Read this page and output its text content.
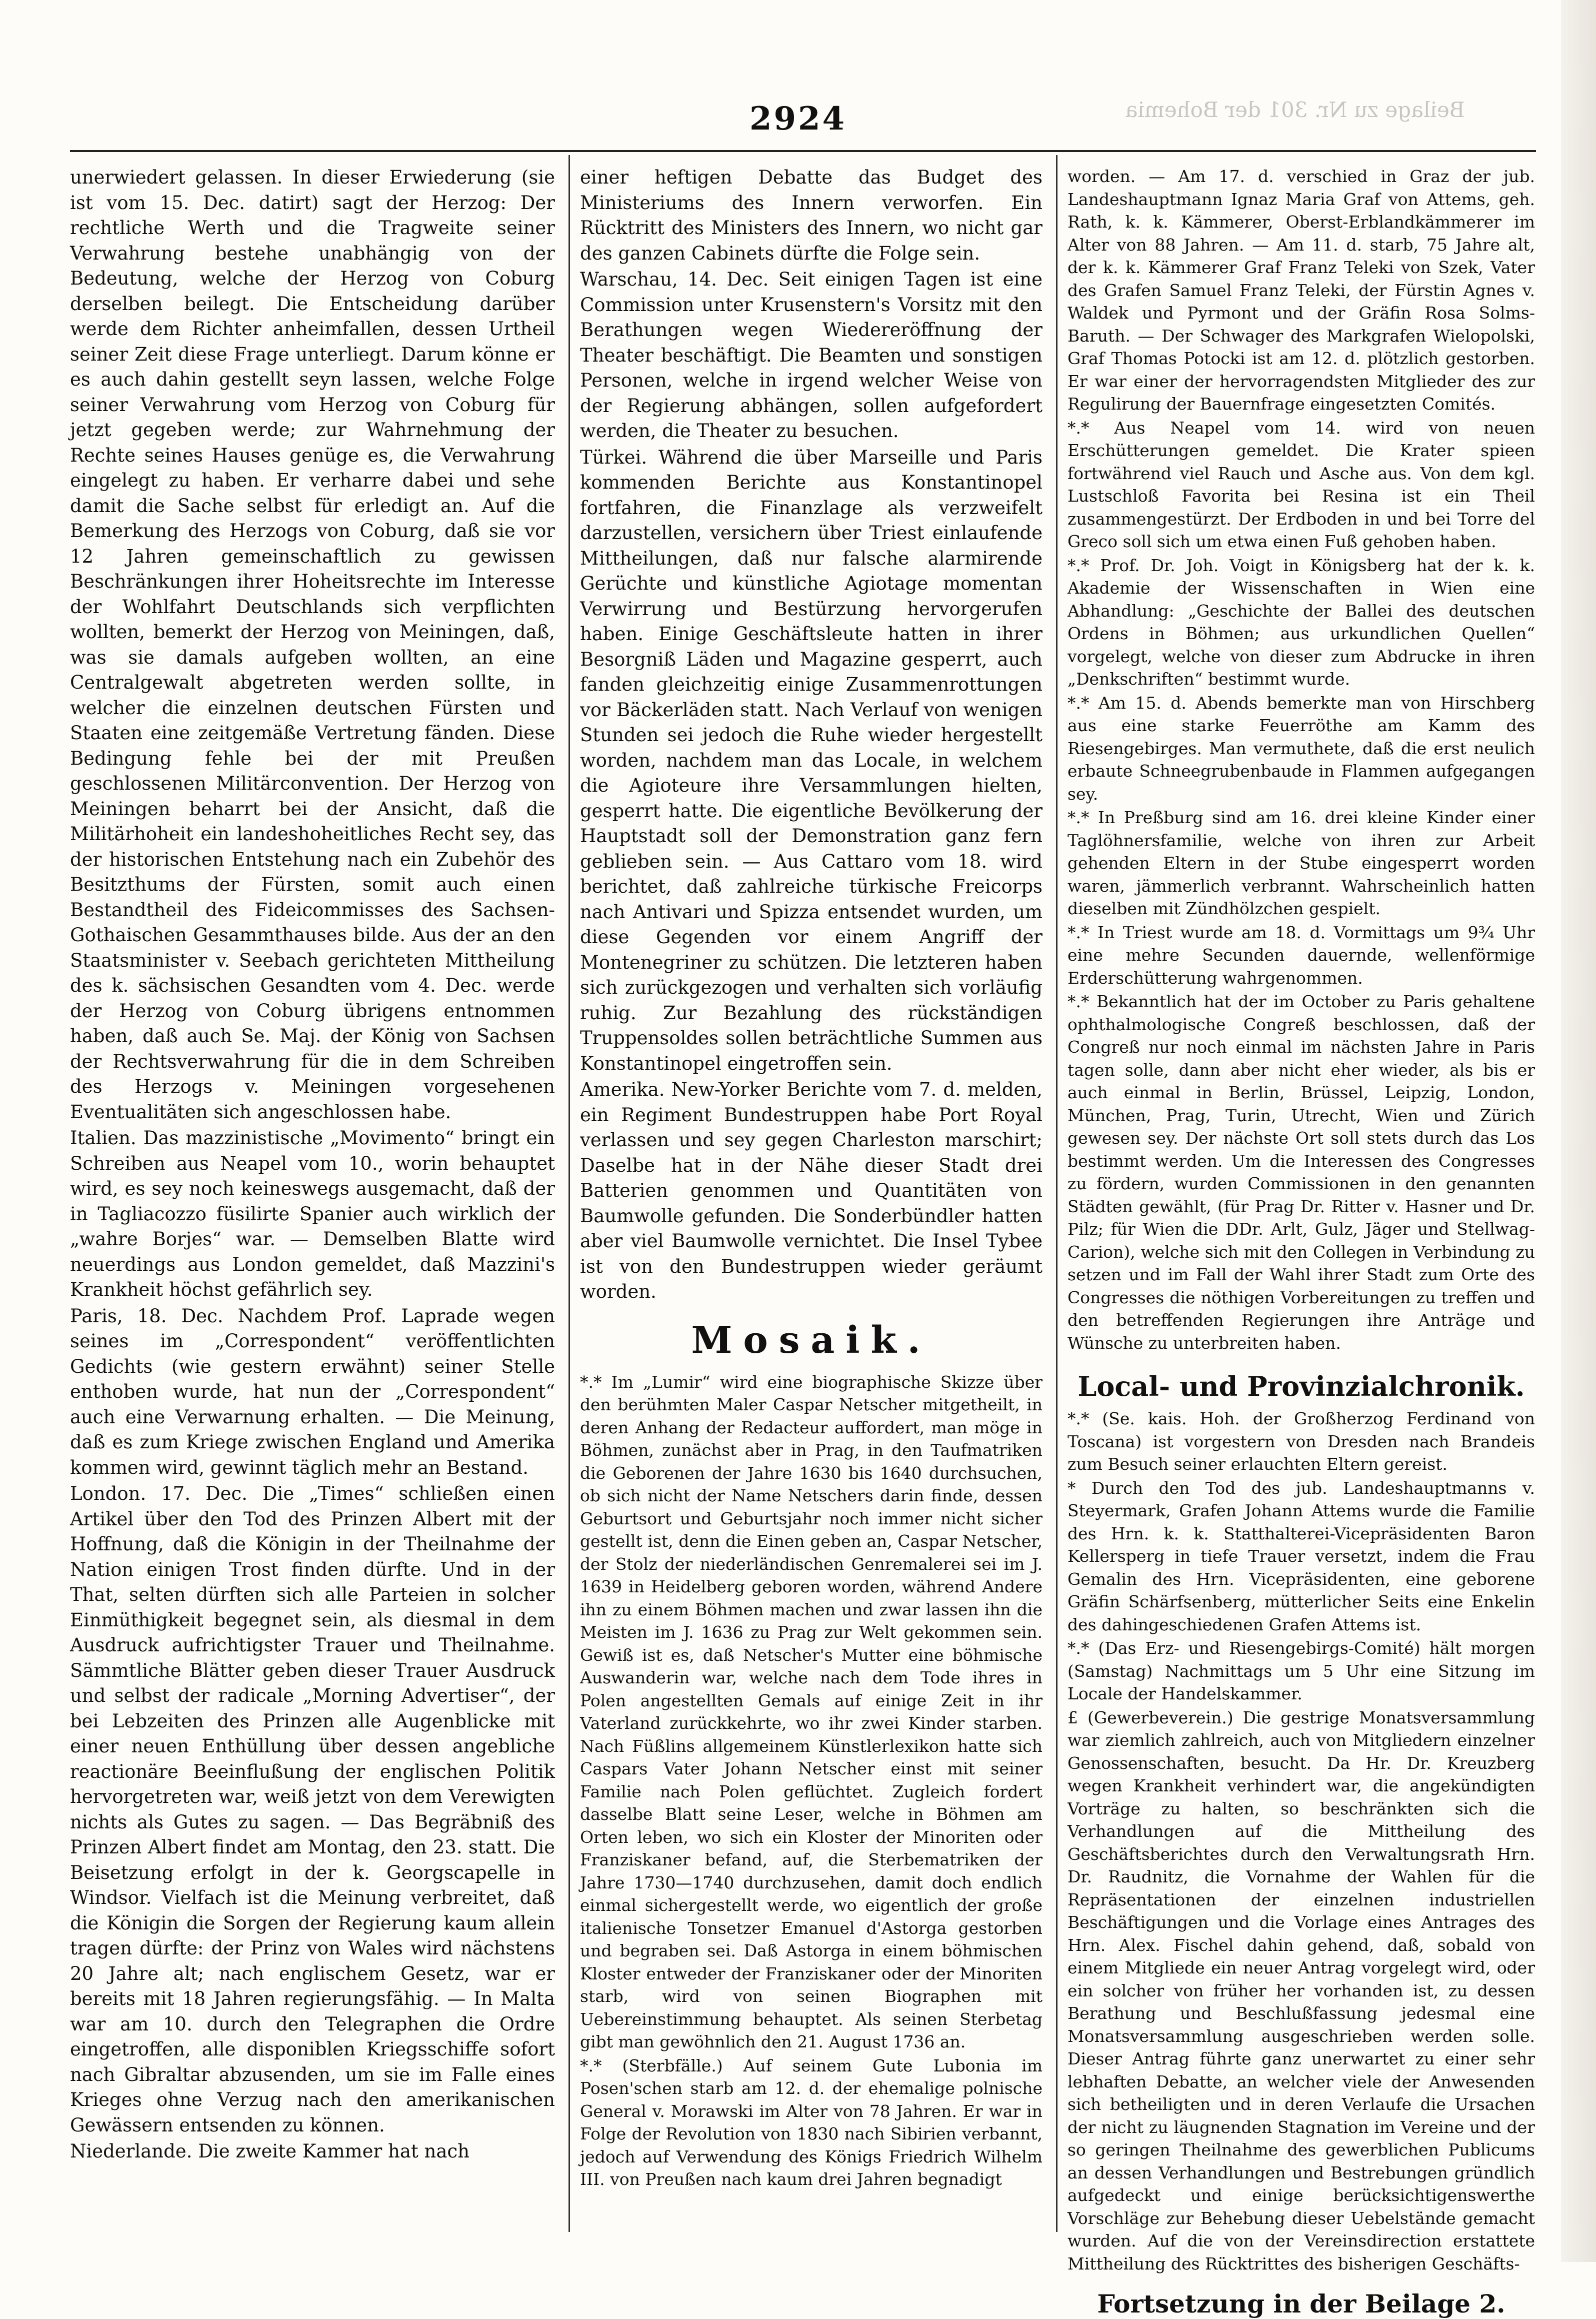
Beilage zu Nr. 301 der Bohemia
2924

unerwiedert gelassen. In dieser Erwiederung (sie ist vom 15. Dec. datirt) sagt der Herzog: Der rechtliche Werth und die Tragweite seiner Verwahrung bestehe unabhängig von der Bedeutung, welche der Herzog von Coburg derselben beilegt. Die Entscheidung darüber werde dem Richter anheimfallen, dessen Urtheil seiner Zeit diese Frage unterliegt. Darum könne er es auch dahin gestellt seyn lassen, welche Folge seiner Verwahrung vom Herzog von Coburg für jetzt gegeben werde; zur Wahrnehmung der Rechte seines Hauses genüge es, die Verwahrung eingelegt zu haben. Er verharre dabei und sehe damit die Sache selbst für erledigt an. Auf die Bemerkung des Herzogs von Coburg, daß sie vor 12 Jahren gemeinschaftlich zu gewissen Beschränkungen ihrer Hoheitsrechte im Interesse der Wohlfahrt Deutschlands sich verpflichten wollten, bemerkt der Herzog von Meiningen, daß, was sie damals aufgeben wollten, an eine Centralgewalt abgetreten werden sollte, in welcher die einzelnen deutschen Fürsten und Staaten eine zeitgemäße Vertretung fänden. Diese Bedingung fehle bei der mit Preußen geschlossenen Militärconvention. Der Herzog von Meiningen beharrt bei der Ansicht, daß die Militärhoheit ein landeshoheitliches Recht sey, das der historischen Entstehung nach ein Zubehör des Besitzthums der Fürsten, somit auch einen Bestandtheil des Fideicommisses des Sachsen-Gothaischen Gesammthauses bilde. Aus der an den Staatsminister v. Seebach gerichteten Mittheilung des k. sächsischen Gesandten vom 4. Dec. werde der Herzog von Coburg übrigens entnommen haben, daß auch Se. Maj. der König von Sachsen der Rechtsverwahrung für die in dem Schreiben des Herzogs v. Meiningen vorgesehenen Eventualitäten sich angeschlossen habe.

Italien. Das mazzinistische „Movimento“ bringt ein Schreiben aus Neapel vom 10., worin behauptet wird, es sey noch keineswegs ausgemacht, daß der in Tagliacozzo füsilirte Spanier auch wirklich der „wahre Borjes“ war. — Demselben Blatte wird neuerdings aus London gemeldet, daß Mazzini's Krankheit höchst gefährlich sey.

Paris, 18. Dec. Nachdem Prof. Laprade wegen seines im „Correspondent“ veröffentlichten Gedichts (wie gestern erwähnt) seiner Stelle enthoben wurde, hat nun der „Correspondent“ auch eine Verwarnung erhalten. — Die Meinung, daß es zum Kriege zwischen England und Amerika kommen wird, gewinnt täglich mehr an Bestand.

London. 17. Dec. Die „Times“ schließen einen Artikel über den Tod des Prinzen Albert mit der Hoffnung, daß die Königin in der Theilnahme der Nation einigen Trost finden dürfte. Und in der That, selten dürften sich alle Parteien in solcher Einmüthigkeit begegnet sein, als diesmal in dem Ausdruck aufrichtigster Trauer und Theilnahme. Sämmtliche Blätter geben dieser Trauer Ausdruck und selbst der radicale „Morning Advertiser“, der bei Lebzeiten des Prinzen alle Augenblicke mit einer neuen Enthüllung über dessen angebliche reactionäre Beeinflußung der englischen Politik hervorgetreten war, weiß jetzt von dem Verewigten nichts als Gutes zu sagen. — Das Begräbniß des Prinzen Albert findet am Montag, den 23. statt. Die Beisetzung erfolgt in der k. Georgscapelle in Windsor. Vielfach ist die Meinung verbreitet, daß die Königin die Sorgen der Regierung kaum allein tragen dürfte: der Prinz von Wales wird nächstens 20 Jahre alt; nach englischem Gesetz, war er bereits mit 18 Jahren regierungsfähig. — In Malta war am 10. durch den Telegraphen die Ordre eingetroffen, alle disponiblen Kriegsschiffe sofort nach Gibraltar abzusenden, um sie im Falle eines Krieges ohne Verzug nach den amerikanischen Gewässern entsenden zu können.

Niederlande. Die zweite Kammer hat nach

einer heftigen Debatte das Budget des Ministeriums des Innern verworfen. Ein Rücktritt des Ministers des Innern, wo nicht gar des ganzen Cabinets dürfte die Folge sein.

Warschau, 14. Dec. Seit einigen Tagen ist eine Commission unter Krusenstern's Vorsitz mit den Berathungen wegen Wiedereröffnung der Theater beschäftigt. Die Beamten und sonstigen Personen, welche in irgend welcher Weise von der Regierung abhängen, sollen aufgefordert werden, die Theater zu besuchen.

Türkei. Während die über Marseille und Paris kommenden Berichte aus Konstantinopel fortfahren, die Finanzlage als verzweifelt darzustellen, versichern über Triest einlaufende Mittheilungen, daß nur falsche alarmirende Gerüchte und künstliche Agiotage momentan Verwirrung und Bestürzung hervorgerufen haben. Einige Geschäftsleute hatten in ihrer Besorgniß Läden und Magazine gesperrt, auch fanden gleichzeitig einige Zusammenrottungen vor Bäckerläden statt. Nach Verlauf von wenigen Stunden sei jedoch die Ruhe wieder hergestellt worden, nachdem man das Locale, in welchem die Agioteure ihre Versammlungen hielten, gesperrt hatte. Die eigentliche Bevölkerung der Hauptstadt soll der Demonstration ganz fern geblieben sein. — Aus Cattaro vom 18. wird berichtet, daß zahlreiche türkische Freicorps nach Antivari und Spizza entsendet wurden, um diese Gegenden vor einem Angriff der Montenegriner zu schützen. Die letzteren haben sich zurückgezogen und verhalten sich vorläufig ruhig. Zur Bezahlung des rückständigen Truppensoldes sollen beträchtliche Summen aus Konstantinopel eingetroffen sein.

Amerika. New-Yorker Berichte vom 7. d. melden, ein Regiment Bundestruppen habe Port Royal verlassen und sey gegen Charleston marschirt; Daselbe hat in der Nähe dieser Stadt drei Batterien genommen und Quantitäten von Baumwolle gefunden. Die Sonderbündler hatten aber viel Baumwolle vernichtet. Die Insel Tybee ist von den Bundestruppen wieder geräumt worden.

Mosaik.

*.* Im „Lumir“ wird eine biographische Skizze über den berühmten Maler Caspar Netscher mitgetheilt, in deren Anhang der Redacteur auffordert, man möge in Böhmen, zunächst aber in Prag, in den Taufmatriken die Geborenen der Jahre 1630 bis 1640 durchsuchen, ob sich nicht der Name Netschers darin finde, dessen Geburtsort und Geburtsjahr noch immer nicht sicher gestellt ist, denn die Einen geben an, Caspar Netscher, der Stolz der niederländischen Genremalerei sei im J. 1639 in Heidelberg geboren worden, während Andere ihn zu einem Böhmen machen und zwar lassen ihn die Meisten im J. 1636 zu Prag zur Welt gekommen sein. Gewiß ist es, daß Netscher's Mutter eine böhmische Auswanderin war, welche nach dem Tode ihres in Polen angestellten Gemals auf einige Zeit in ihr Vaterland zurückkehrte, wo ihr zwei Kinder starben. Nach Füßlins allgemeinem Künstlerlexikon hatte sich Caspars Vater Johann Netscher einst mit seiner Familie nach Polen geflüchtet. Zugleich fordert dasselbe Blatt seine Leser, welche in Böhmen am Orten leben, wo sich ein Kloster der Minoriten oder Franziskaner befand, auf, die Sterbematriken der Jahre 1730—1740 durchzusehen, damit doch endlich einmal sichergestellt werde, wo eigentlich der große italienische Tonsetzer Emanuel d'Astorga gestorben und begraben sei. Daß Astorga in einem böhmischen Kloster entweder der Franziskaner oder der Minoriten starb, wird von seinen Biographen mit Uebereinstimmung behauptet. Als seinen Sterbetag gibt man gewöhnlich den 21. August 1736 an.

*.* (Sterbfälle.) Auf seinem Gute Lubonia im Posen'schen starb am 12. d. der ehemalige polnische General v. Morawski im Alter von 78 Jahren. Er war in Folge der Revolution von 1830 nach Sibirien verbannt, jedoch auf Verwendung des Königs Friedrich Wilhelm III. von Preußen nach kaum drei Jahren begnadigt

worden. — Am 17. d. verschied in Graz der jub. Landeshauptmann Ignaz Maria Graf von Attems, geh. Rath, k. k. Kämmerer, Oberst-Erblandkämmerer im Alter von 88 Jahren. — Am 11. d. starb, 75 Jahre alt, der k. k. Kämmerer Graf Franz Teleki von Szek, Vater des Grafen Samuel Franz Teleki, der Fürstin Agnes v. Waldek und Pyrmont und der Gräfin Rosa Solms-Baruth. — Der Schwager des Markgrafen Wielopolski, Graf Thomas Potocki ist am 12. d. plötzlich gestorben. Er war einer der hervorragendsten Mitglieder des zur Regulirung der Bauernfrage eingesetzten Comités.

*.* Aus Neapel vom 14. wird von neuen Erschütterungen gemeldet. Die Krater spieen fortwährend viel Rauch und Asche aus. Von dem kgl. Lustschloß Favorita bei Resina ist ein Theil zusammengestürzt. Der Erdboden in und bei Torre del Greco soll sich um etwa einen Fuß gehoben haben.

*.* Prof. Dr. Joh. Voigt in Königsberg hat der k. k. Akademie der Wissenschaften in Wien eine Abhandlung: „Geschichte der Ballei des deutschen Ordens in Böhmen; aus urkundlichen Quellen“ vorgelegt, welche von dieser zum Abdrucke in ihren „Denkschriften“ bestimmt wurde.

*.* Am 15. d. Abends bemerkte man von Hirschberg aus eine starke Feuerröthe am Kamm des Riesengebirges. Man vermuthete, daß die erst neulich erbaute Schneegrubenbaude in Flammen aufgegangen sey.

*.* In Preßburg sind am 16. drei kleine Kinder einer Taglöhnersfamilie, welche von ihren zur Arbeit gehenden Eltern in der Stube eingesperrt worden waren, jämmerlich verbrannt. Wahrscheinlich hatten dieselben mit Zündhölzchen gespielt.

*.* In Triest wurde am 18. d. Vormittags um 9¾ Uhr eine mehre Secunden dauernde, wellenförmige Erderschütterung wahrgenommen.

*.* Bekanntlich hat der im October zu Paris gehaltene ophthalmologische Congreß beschlossen, daß der Congreß nur noch einmal im nächsten Jahre in Paris tagen solle, dann aber nicht eher wieder, als bis er auch einmal in Berlin, Brüssel, Leipzig, London, München, Prag, Turin, Utrecht, Wien und Zürich gewesen sey. Der nächste Ort soll stets durch das Los bestimmt werden. Um die Interessen des Congresses zu fördern, wurden Commissionen in den genannten Städten gewählt, (für Prag Dr. Ritter v. Hasner und Dr. Pilz; für Wien die DDr. Arlt, Gulz, Jäger und Stellwag-Carion), welche sich mit den Collegen in Verbindung zu setzen und im Fall der Wahl ihrer Stadt zum Orte des Congresses die nöthigen Vorbereitungen zu treffen und den betreffenden Regierungen ihre Anträge und Wünsche zu unterbreiten haben.

Local- und Provinzialchronik.

*.* (Se. kais. Hoh. der Großherzog Ferdinand von Toscana) ist vorgestern von Dresden nach Brandeis zum Besuch seiner erlauchten Eltern gereist.

* Durch den Tod des jub. Landeshauptmanns v. Steyermark, Grafen Johann Attems wurde die Familie des Hrn. k. k. Statthalterei-Vicepräsidenten Baron Kellersperg in tiefe Trauer versetzt, indem die Frau Gemalin des Hrn. Vicepräsidenten, eine geborene Gräfin Schärfsenberg, mütterlicher Seits eine Enkelin des dahingeschiedenen Grafen Attems ist.

*.* (Das Erz- und Riesengebirgs-Comité) hält morgen (Samstag) Nachmittags um 5 Uhr eine Sitzung im Locale der Handelskammer.

£ (Gewerbeverein.) Die gestrige Monatsversammlung war ziemlich zahlreich, auch von Mitgliedern einzelner Genossenschaften, besucht. Da Hr. Dr. Kreuzberg wegen Krankheit verhindert war, die angekündigten Vorträge zu halten, so beschränkten sich die Verhandlungen auf die Mittheilung des Geschäftsberichtes durch den Verwaltungsrath Hrn. Dr. Raudnitz, die Vornahme der Wahlen für die Repräsentationen der einzelnen industriellen Beschäftigungen und die Vorlage eines Antrages des Hrn. Alex. Fischel dahin gehend, daß, sobald von einem Mitgliede ein neuer Antrag vorgelegt wird, oder ein solcher von früher her vorhanden ist, zu dessen Berathung und Beschlußfassung jedesmal eine Monatsversammlung ausgeschrieben werden solle. Dieser Antrag führte ganz unerwartet zu einer sehr lebhaften Debatte, an welcher viele der Anwesenden sich betheiligten und in deren Verlaufe die Ursachen der nicht zu läugnenden Stagnation im Vereine und der so geringen Theilnahme des gewerblichen Publicums an dessen Verhandlungen und Bestrebungen gründlich aufgedeckt und einige berücksichtigenswerthe Vorschläge zur Behebung dieser Uebelstände gemacht wurden. Auf die von der Vereinsdirection erstattete Mittheilung des Rücktrittes des bisherigen Geschäfts-

Fortsetzung in der Beilage 2.
